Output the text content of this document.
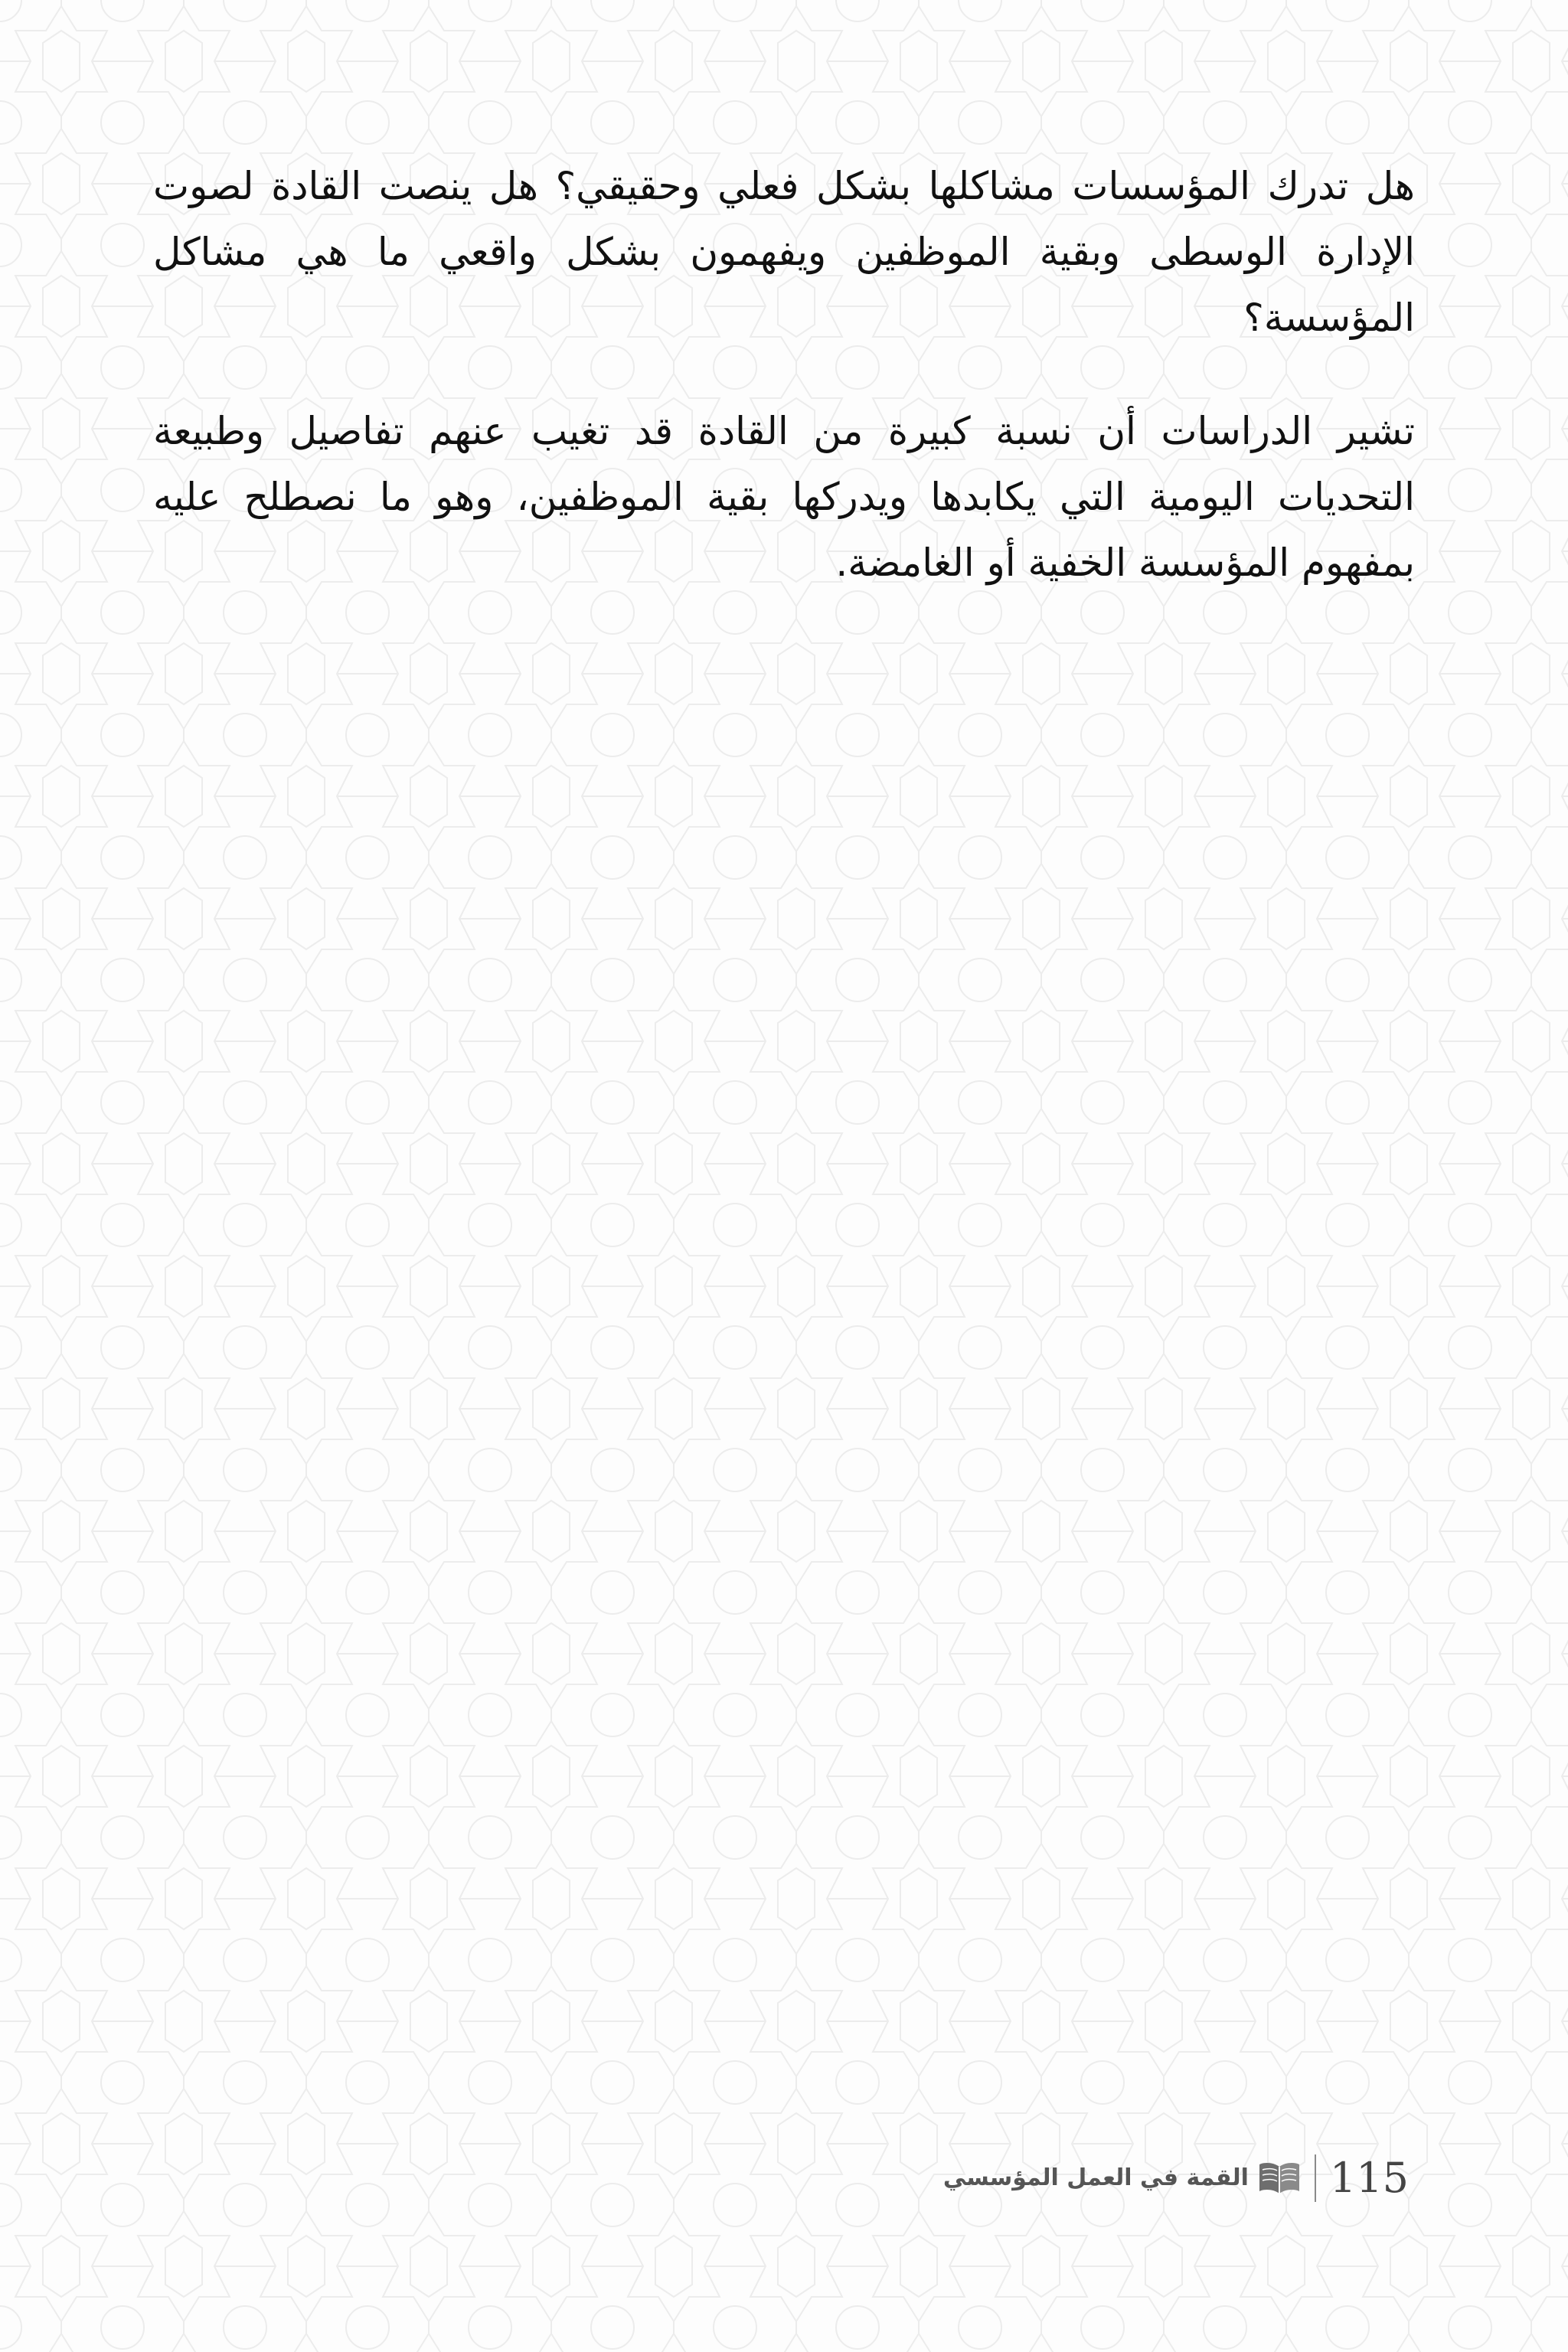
هل تدرك المؤسسات مشاكلها بشكل فعلي وحقيقي؟ هل ينصت القادة لصوت الإدارة الوسطى وبقية الموظفين ويفهمون بشكل واقعي ما هي مشاكل المؤسسة؟

تشير الدراسات أن نسبة كبيرة من القادة قد تغيب عنهم تفاصيل وطبيعة التحديات اليومية التي يكابدها ويدركها بقية الموظفين، وهو ما نصطلح عليه بمفهوم المؤسسة الخفية أو الغامضة.

115
القمة في العمل المؤسسي
